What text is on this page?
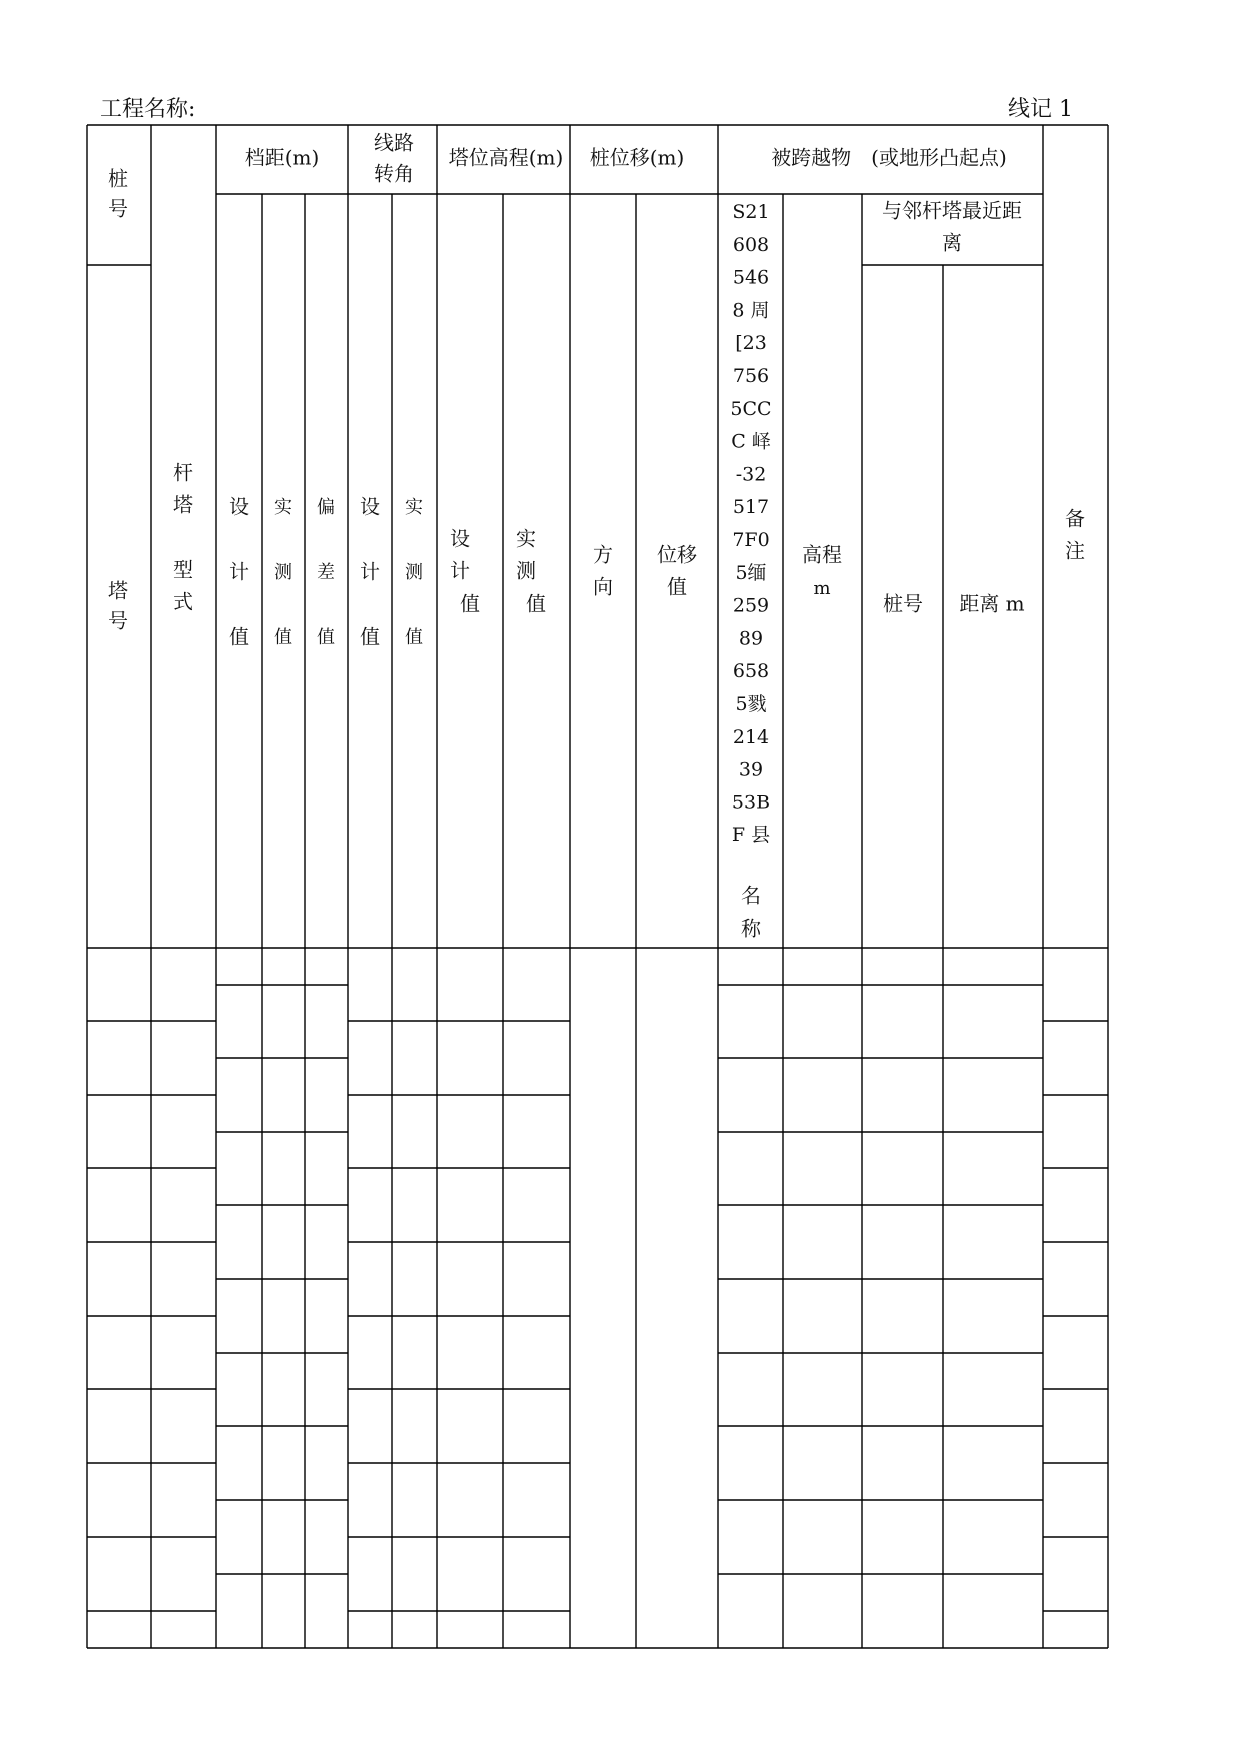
工程名称:	线记 1
桩
号
塔
号
杆
塔
型
式
档距(m)
线路
转角
塔位高程(m) 桩位移(m)	被跨越物　(或地形凸起点)
设
计
值
实
测
值
偏
差
值
设
计
值
实
测
值
设
计
值
实
测
值
方
向
位移
值
S21
608
546
8 周
[23
756
5CC
C 峄
-32
517
7F0
5缅
259
89
658
5戮
214
39
53B
F 县
名
称
高程
m
与邻杆塔最近距
离
桩号 距离 m
备
注
